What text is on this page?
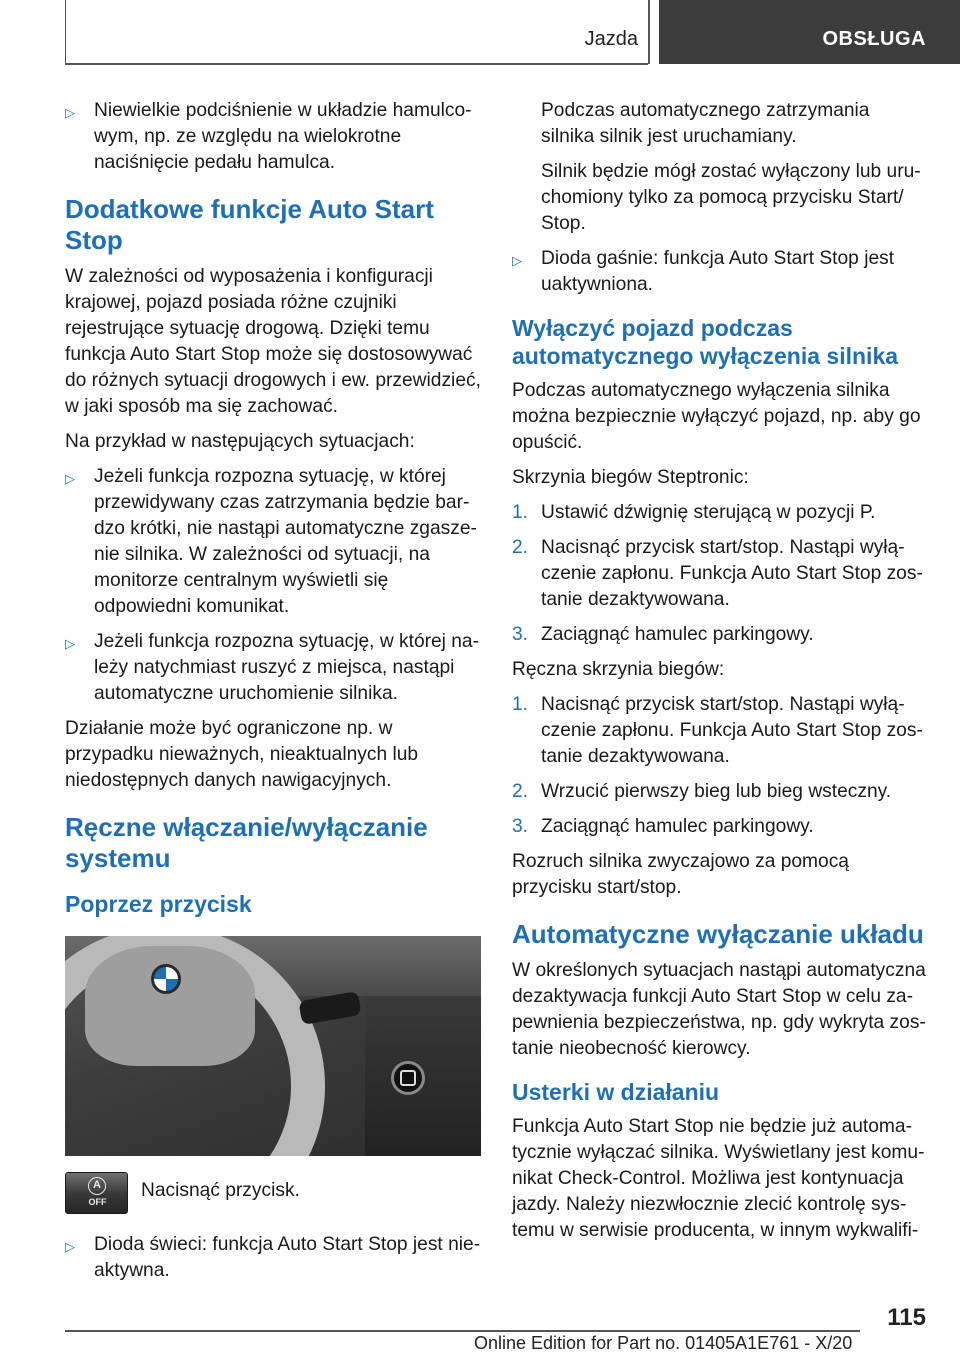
Jazda	OBSŁUGA
▷ Niewielkie podciśnienie w układzie hamulcowym, np. ze względu na wielokrotne naciśnięcie pedału hamulca.
Dodatkowe funkcje Auto Start Stop

W zależności od wyposażenia i konfiguracji krajowej, pojazd posiada różne czujniki rejestrujące sytuację drogową. Dzięki temu funkcja Auto Start Stop może się dostosowywać do różnych sytuacji drogowych i ew. przewidzieć, w jaki sposób ma się zachować.

Na przykład w następujących sytuacjach:

▷ Jeżeli funkcja rozpozna sytuację, w której przewidywany czas zatrzymania będzie bardzo krótki, nie nastąpi automatyczne zgaszenie silnika. W zależności od sytuacji, na monitorze centralnym wyświetli się odpowiedni komunikat.
▷ Jeżeli funkcja rozpozna sytuację, w której należy natychmiast ruszyć z miejsca, nastąpi automatyczne uruchomienie silnika.

Działanie może być ograniczone np. w przypadku nieważnych, nieaktualnych lub niedostępnych danych nawigacyjnych.

Ręczne włączanie/wyłączanie systemu
Poprzez przycisk
A
OFF
Nacisnąć przycisk.
▷ Dioda świeci: funkcja Auto Start Stop jest nieaktywna.

Podczas automatycznego zatrzymania silnika silnik jest uruchamiany.

Silnik będzie mógł zostać wyłączony lub uruchomiony tylko za pomocą przycisku Start/ Stop.

▷ Dioda gaśnie: funkcja Auto Start Stop jest uaktywniona.
Wyłączyć pojazd podczas automatycznego wyłączenia silnika

Podczas automatycznego wyłączenia silnika można bezpiecznie wyłączyć pojazd, np. aby go opuścić.

Skrzynia biegów Steptronic:

1. Ustawić dźwignię sterującą w pozycji P.
2. Nacisnąć przycisk start/stop. Nastąpi wyłączenie zapłonu. Funkcja Auto Start Stop zostanie dezaktywowana.
3. Zaciągnąć hamulec parkingowy.

Ręczna skrzynia biegów:

1. Nacisnąć przycisk start/stop. Nastąpi wyłączenie zapłonu. Funkcja Auto Start Stop zostanie dezaktywowana.
2. Wrzucić pierwszy bieg lub bieg wsteczny.
3. Zaciągnąć hamulec parkingowy.

Rozruch silnika zwyczajowo za pomocą przycisku start/stop.

Automatyczne wyłączanie układu

W określonych sytuacjach nastąpi automatyczna dezaktywacja funkcji Auto Start Stop w celu zapewnienia bezpieczeństwa, np. gdy wykryta zostanie nieobecność kierowcy.

Usterki w działaniu

Funkcja Auto Start Stop nie będzie już automatycznie wyłączać silnika. Wyświetlany jest komunikat Check-Control. Możliwa jest kontynuacja jazdy. Należy niezwłocznie zlecić kontrolę systemu w serwisie producenta, w innym wykwalifi-

115
Online Edition for Part no. 01405A1E761 - X/20
